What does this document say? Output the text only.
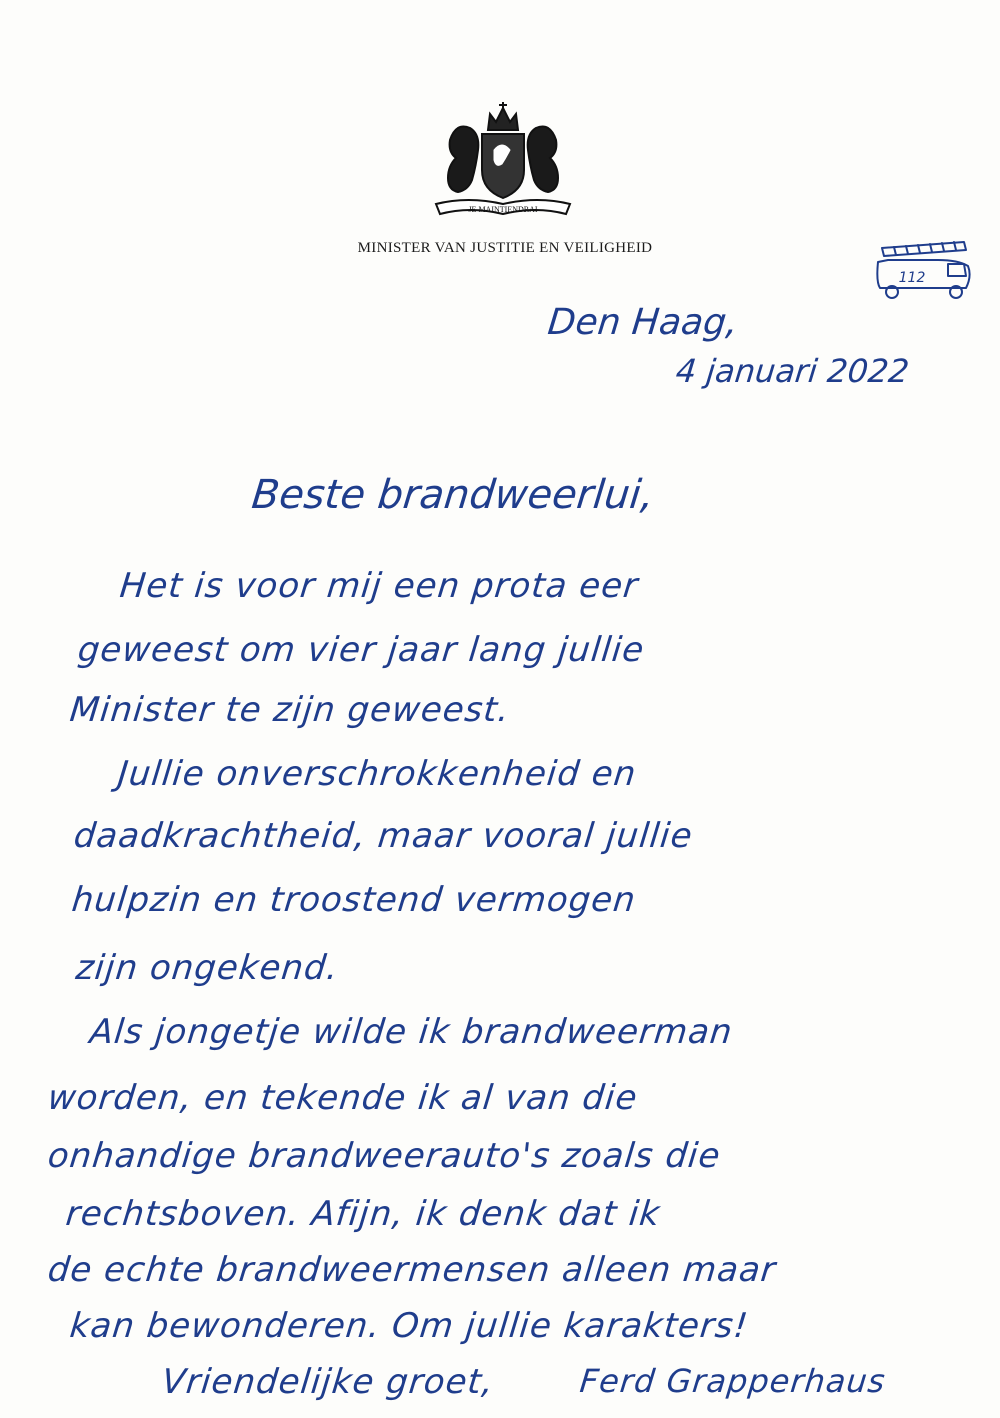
JE MAINTIENDRAI
MINISTER VAN JUSTITIE EN VEILIGHEID
112
Den Haag,
4 januari 2022
Beste brandweerlui,
Het is voor mij een prota eer
geweest om vier jaar lang jullie
Minister te zijn geweest.
Jullie onverschrokkenheid en
daadkrachtheid, maar vooral jullie
hulpzin en troostend vermogen
zijn ongekend.
Als jongetje wilde ik brandweerman
worden, en tekende ik al van die
onhandige brandweerauto's zoals die
rechtsboven. Afijn, ik denk dat ik
de echte brandweermensen alleen maar
kan bewonderen. Om jullie karakters!
Vriendelijke groet,	Ferd Grapperhaus
